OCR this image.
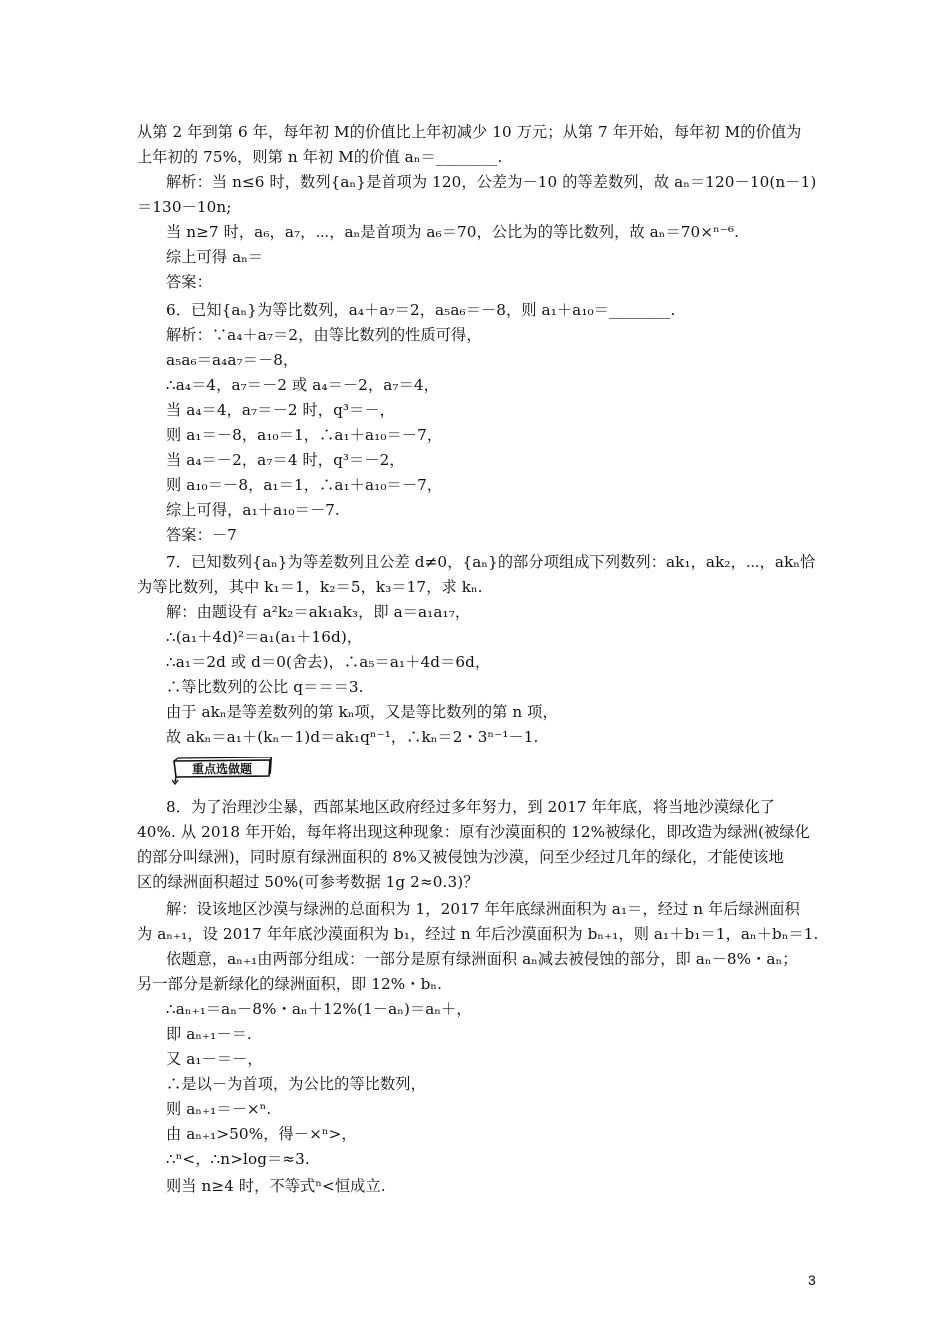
从第 2 年到第 6 年，每年初 M的价值比上年初减少 10 万元；从第 7 年开始，每年初 M的价值为
上年初的 75%，则第 n 年初 M的价值 aₙ＝________.
解析：当 n≤6 时，数列{aₙ}是首项为 120，公差为－10 的等差数列，故 aₙ＝120－10(n－1)
＝130－10n;
当 n≥7 时，a₆，a₇，⋯，aₙ是首项为 a₆＝70，公比为的等比数列，故 aₙ＝70×ⁿ⁻⁶.
综上可得 aₙ＝
答案：
6．已知{aₙ}为等比数列，a₄＋a₇＝2，a₅a₆＝－8，则 a₁＋a₁₀＝________.
解析：∵a₄＋a₇＝2，由等比数列的性质可得，
a₅a₆＝a₄a₇＝－8，
∴a₄＝4，a₇＝－2 或 a₄＝－2，a₇＝4，
当 a₄＝4，a₇＝－2 时，q³＝－，
则 a₁＝－8，a₁₀＝1，∴a₁＋a₁₀＝－7，
当 a₄＝－2，a₇＝4 时，q³＝－2，
则 a₁₀＝－8，a₁＝1，∴a₁＋a₁₀＝－7，
综上可得，a₁＋a₁₀＝－7.
答案：－7
7．已知数列{aₙ}为等差数列且公差 d≠0，{aₙ}的部分项组成下列数列：ak₁，ak₂，⋯，akₙ恰
为等比数列，其中 k₁＝1，k₂＝5，k₃＝17，求 kₙ.
解：由题设有 a²k₂＝ak₁ak₃，即 a＝a₁a₁₇，
∴(a₁＋4d)²＝a₁(a₁＋16d)，
∴a₁＝2d 或 d＝0(舍去)，∴a₅＝a₁＋4d＝6d，
∴等比数列的公比 q＝＝＝3.
由于 akₙ是等差数列的第 kₙ项，又是等比数列的第 n 项，
故 akₙ＝a₁＋(kₙ－1)d＝ak₁qⁿ⁻¹，∴kₙ＝2・3ⁿ⁻¹－1.
重点选做题
8．为了治理沙尘暴，西部某地区政府经过多年努力，到 2017 年年底，将当地沙漠绿化了
40%. 从 2018 年开始，每年将出现这种现象：原有沙漠面积的 12%被绿化，即改造为绿洲(被绿化
的部分叫绿洲)，同时原有绿洲面积的 8%又被侵蚀为沙漠，问至少经过几年的绿化，才能使该地
区的绿洲面积超过 50%(可参考数据 1g 2≈0.3)？
解：设该地区沙漠与绿洲的总面积为 1，2017 年年底绿洲面积为 a₁＝，经过 n 年后绿洲面积
为 aₙ₊₁，设 2017 年年底沙漠面积为 b₁，经过 n 年后沙漠面积为 bₙ₊₁，则 a₁＋b₁＝1，aₙ＋bₙ＝1.
依题意，aₙ₊₁由两部分组成：一部分是原有绿洲面积 aₙ减去被侵蚀的部分，即 aₙ－8%・aₙ；
另一部分是新绿化的绿洲面积，即 12%・bₙ.
∴aₙ₊₁＝aₙ－8%・aₙ＋12%(1－aₙ)＝aₙ＋，
即 aₙ₊₁－＝.
又 a₁－＝－，
∴是以－为首项，为公比的等比数列，
则 aₙ₊₁＝－×ⁿ.
由 aₙ₊₁>50%，得－×ⁿ>，
∴ⁿ<，∴n>log＝≈3.
则当 n≥4 时，不等式ⁿ<恒成立.
3
